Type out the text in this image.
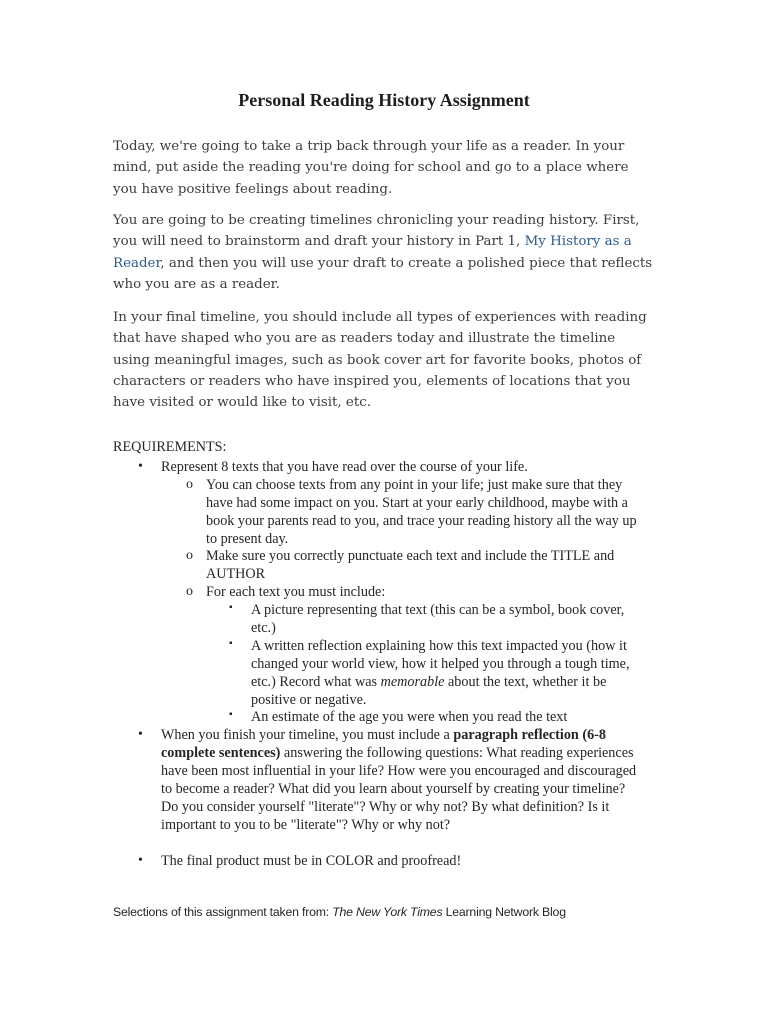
Personal Reading History Assignment

Today, we're going to take a trip back through your life as a reader. In your mind, put aside the reading you're doing for school and go to a place where you have positive feelings about reading.

You are going to be creating timelines chronicling your reading history. First, you will need to brainstorm and draft your history in Part 1, My History as a Reader, and then you will use your draft to create a polished piece that reflects who you are as a reader.

In your final timeline, you should include all types of experiences with reading that have shaped who you are as readers today and illustrate the timeline using meaningful images, such as book cover art for favorite books, photos of characters or readers who have inspired you, elements of locations that you have visited or would like to visit, etc.

REQUIREMENTS:

• Represent 8 texts that you have read over the course of your life.

o You can choose texts from any point in your life; just make sure that they have had some impact on you. Start at your early childhood, maybe with a book your parents read to you, and trace your reading history all the way up to present day.

o Make sure you correctly punctuate each text and include the TITLE and AUTHOR

o For each text you must include:

▪ A picture representing that text (this can be a symbol, book cover, etc.)

▪ A written reflection explaining how this text impacted you (how it changed your world view, how it helped you through a tough time, etc.) Record what was memorable about the text, whether it be positive or negative.

▪ An estimate of the age you were when you read the text

• When you finish your timeline, you must include a paragraph reflection (6-8 complete sentences) answering the following questions: What reading experiences have been most influential in your life? How were you encouraged and discouraged to become a reader? What did you learn about yourself by creating your timeline? Do you consider yourself "literate"? Why or why not? By what definition? Is it important to you to be "literate"? Why or why not?

• The final product must be in COLOR and proofread!

Selections of this assignment taken from: The New York Times Learning Network Blog
